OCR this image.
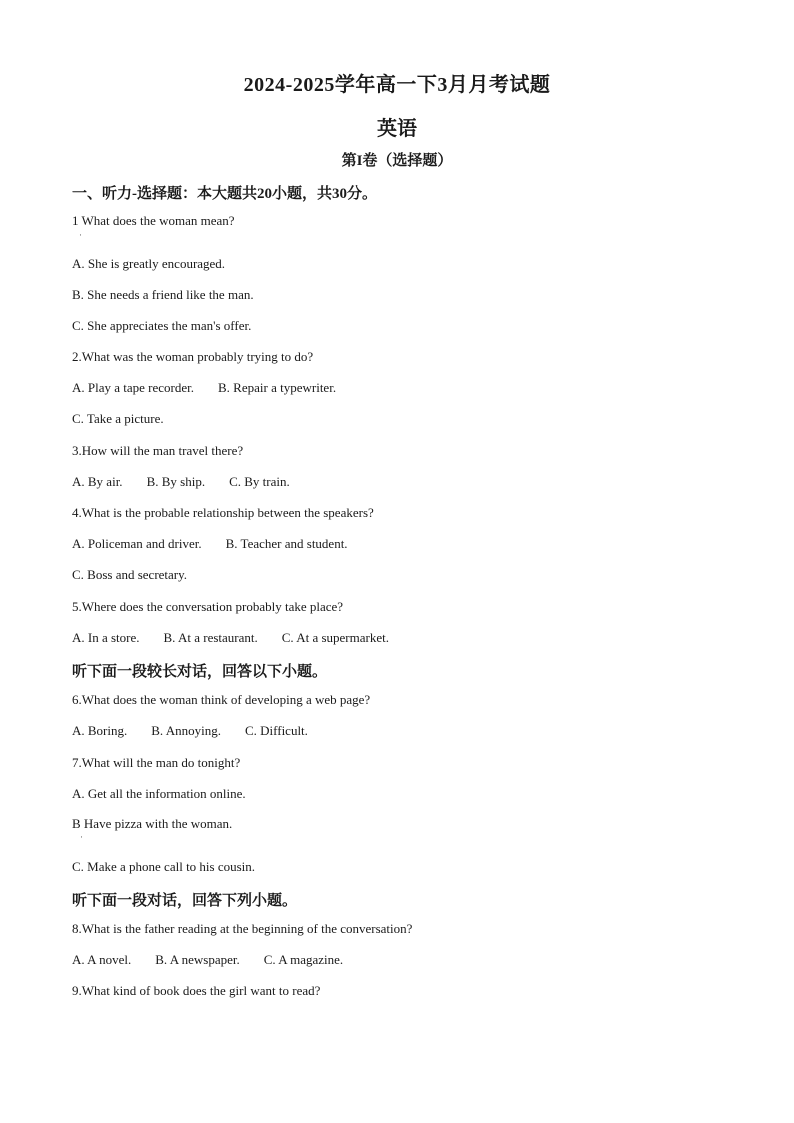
2024-2025学年高一下3月月考试题
英语
第I卷（选择题）
一、听力-选择题：本大题共20小题，共30分。
1 What does the woman mean?
·
A. She is greatly encouraged.
B. She needs a friend like the man.
C. She appreciates the man's offer.
2.What was the woman probably trying to do?
A. Play a tape recorder. B. Repair a typewriter.
C. Take a picture.
3.How will the man travel there?
A. By air. B. By ship. C. By train.
4.What is the probable relationship between the speakers?
A. Policeman and driver. B. Teacher and student.
C. Boss and secretary.
5.Where does the conversation probably take place?
A. In a store. B. At a restaurant. C. At a supermarket.
听下面一段较长对话，回答以下小题。
6.What does the woman think of developing a web page?
A. Boring. B. Annoying. C. Difficult.
7.What will the man do tonight?
A. Get all the information online.
B Have pizza with the woman.
·
C. Make a phone call to his cousin.
听下面一段对话，回答下列小题。
8.What is the father reading at the beginning of the conversation?
A. A novel. B. A newspaper. C. A magazine.
9.What kind of book does the girl want to read?
